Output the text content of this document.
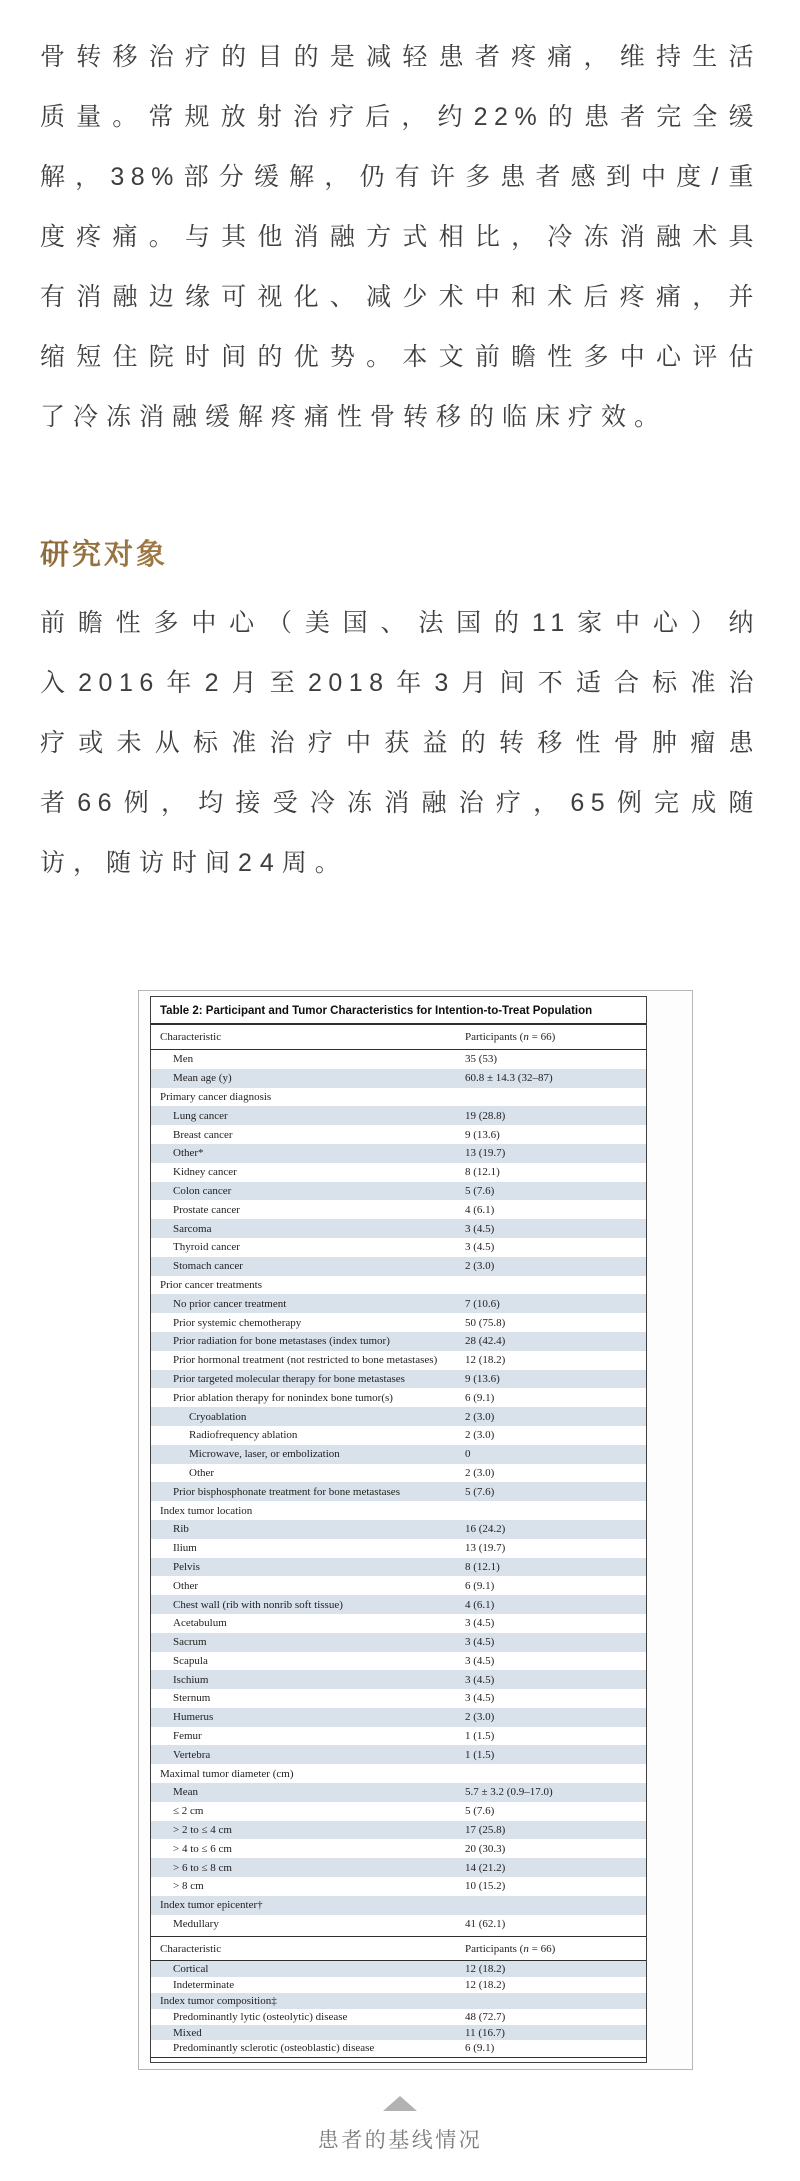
骨转移治疗的目的是减轻患者疼痛，维持生活
质量。常规放射治疗后，约22%的患者完全缓
解，38%部分缓解，仍有许多患者感到中度/重
度疼痛。与其他消融方式相比，冷冻消融术具
有消融边缘可视化、减少术中和术后疼痛，并
缩短住院时间的优势。本文前瞻性多中心评估
了冷冻消融缓解疼痛性骨转移的临床疗效。
研究对象
前瞻性多中心（美国、法国的11家中心）纳
入2016年2月至2018年3月间不适合标准治
疗或未从标准治疗中获益的转移性骨肿瘤患
者66例，均接受冷冻消融治疗，65例完成随
访，随访时间24周。
Table 2: Participant and Tumor Characteristics for Intention-to-Treat Population
Characteristic	Participants (n = 66)
Men	35 (53)
Mean age (y)	60.8 ± 14.3 (32–87)
Primary cancer diagnosis
Lung cancer	19 (28.8)
Breast cancer	9 (13.6)
Other*	13 (19.7)
Kidney cancer	8 (12.1)
Colon cancer	5 (7.6)
Prostate cancer	4 (6.1)
Sarcoma	3 (4.5)
Thyroid cancer	3 (4.5)
Stomach cancer	2 (3.0)
Prior cancer treatments
No prior cancer treatment	7 (10.6)
Prior systemic chemotherapy	50 (75.8)
Prior radiation for bone metastases (index tumor)	28 (42.4)
Prior hormonal treatment (not restricted to bone metastases)	12 (18.2)
Prior targeted molecular therapy for bone metastases	9 (13.6)
Prior ablation therapy for nonindex bone tumor(s)	6 (9.1)
Cryoablation	2 (3.0)
Radiofrequency ablation	2 (3.0)
Microwave, laser, or embolization	0
Other	2 (3.0)
Prior bisphosphonate treatment for bone metastases	5 (7.6)
Index tumor location
Rib	16 (24.2)
Ilium	13 (19.7)
Pelvis	8 (12.1)
Other	6 (9.1)
Chest wall (rib with nonrib soft tissue)	4 (6.1)
Acetabulum	3 (4.5)
Sacrum	3 (4.5)
Scapula	3 (4.5)
Ischium	3 (4.5)
Sternum	3 (4.5)
Humerus	2 (3.0)
Femur	1 (1.5)
Vertebra	1 (1.5)
Maximal tumor diameter (cm)
Mean	5.7 ± 3.2 (0.9–17.0)
≤ 2 cm	5 (7.6)
> 2 to ≤ 4 cm	17 (25.8)
> 4 to ≤ 6 cm	20 (30.3)
> 6 to ≤ 8 cm	14 (21.2)
> 8 cm	10 (15.2)
Index tumor epicenter†
Medullary	41 (62.1)
Characteristic	Participants (n = 66)
Cortical	12 (18.2)
Indeterminate	12 (18.2)
Index tumor composition‡
Predominantly lytic (osteolytic) disease	48 (72.7)
Mixed	11 (16.7)
Predominantly sclerotic (osteoblastic) disease	6 (9.1)
患者的基线情况
